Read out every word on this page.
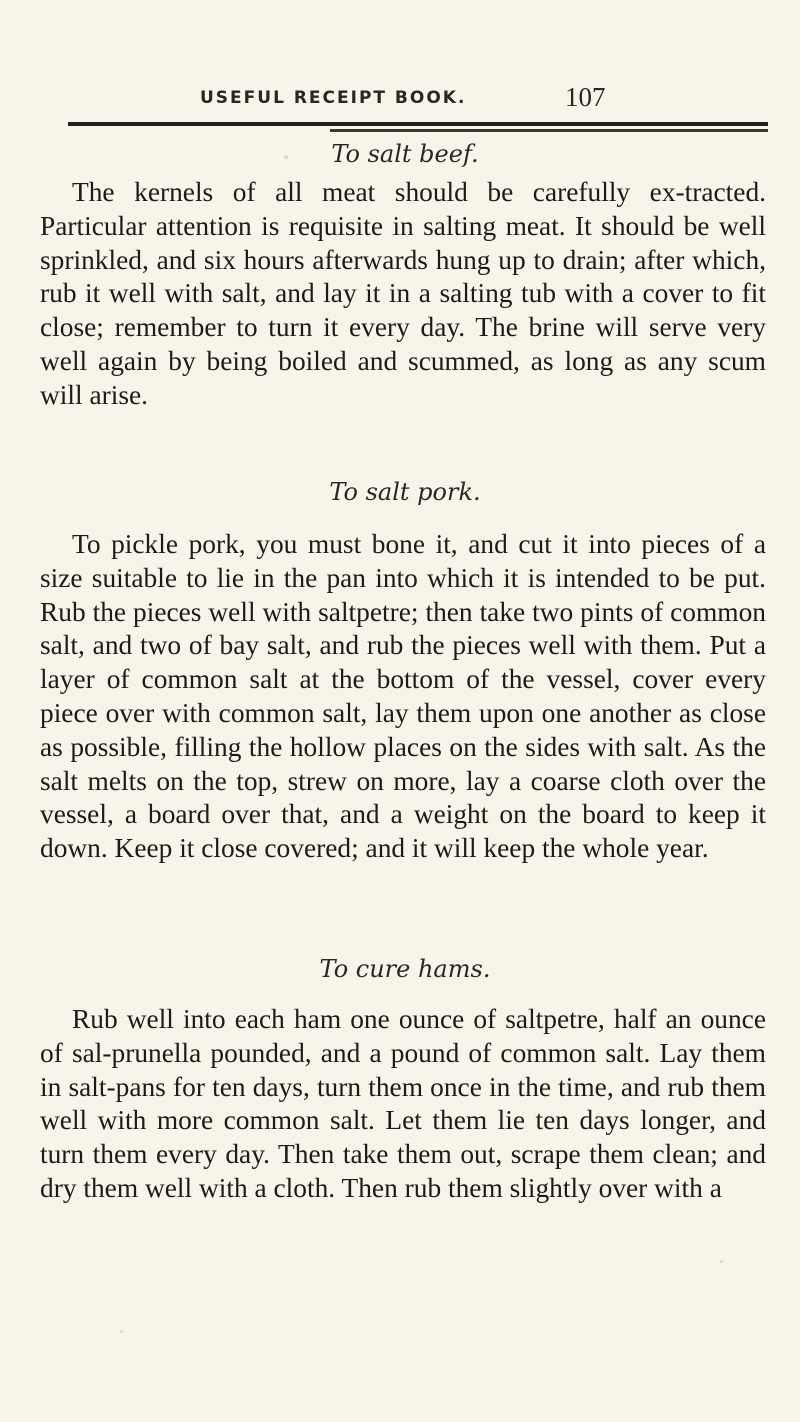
USEFUL RECEIPT BOOK.	107
To salt beef.

The kernels of all meat should be carefully ex-tracted. Particular attention is requisite in salting meat. It should be well sprinkled, and six hours afterwards hung up to drain; after which, rub it well with salt, and lay it in a salting tub with a cover to fit close; remember to turn it every day. The brine will serve very well again by being boiled and scummed, as long as any scum will arise.

To salt pork.

To pickle pork, you must bone it, and cut it into pieces of a size suitable to lie in the pan into which it is intended to be put. Rub the pieces well with saltpetre; then take two pints of common salt, and two of bay salt, and rub the pieces well with them. Put a layer of common salt at the bottom of the vessel, cover every piece over with common salt, lay them upon one another as close as possible, filling the hollow places on the sides with salt. As the salt melts on the top, strew on more, lay a coarse cloth over the vessel, a board over that, and a weight on the board to keep it down. Keep it close covered; and it will keep the whole year.

To cure hams.

Rub well into each ham one ounce of saltpetre, half an ounce of sal-prunella pounded, and a pound of common salt. Lay them in salt-pans for ten days, turn them once in the time, and rub them well with more common salt. Let them lie ten days longer, and turn them every day. Then take them out, scrape them clean; and dry them well with a cloth. Then rub them slightly over with a
